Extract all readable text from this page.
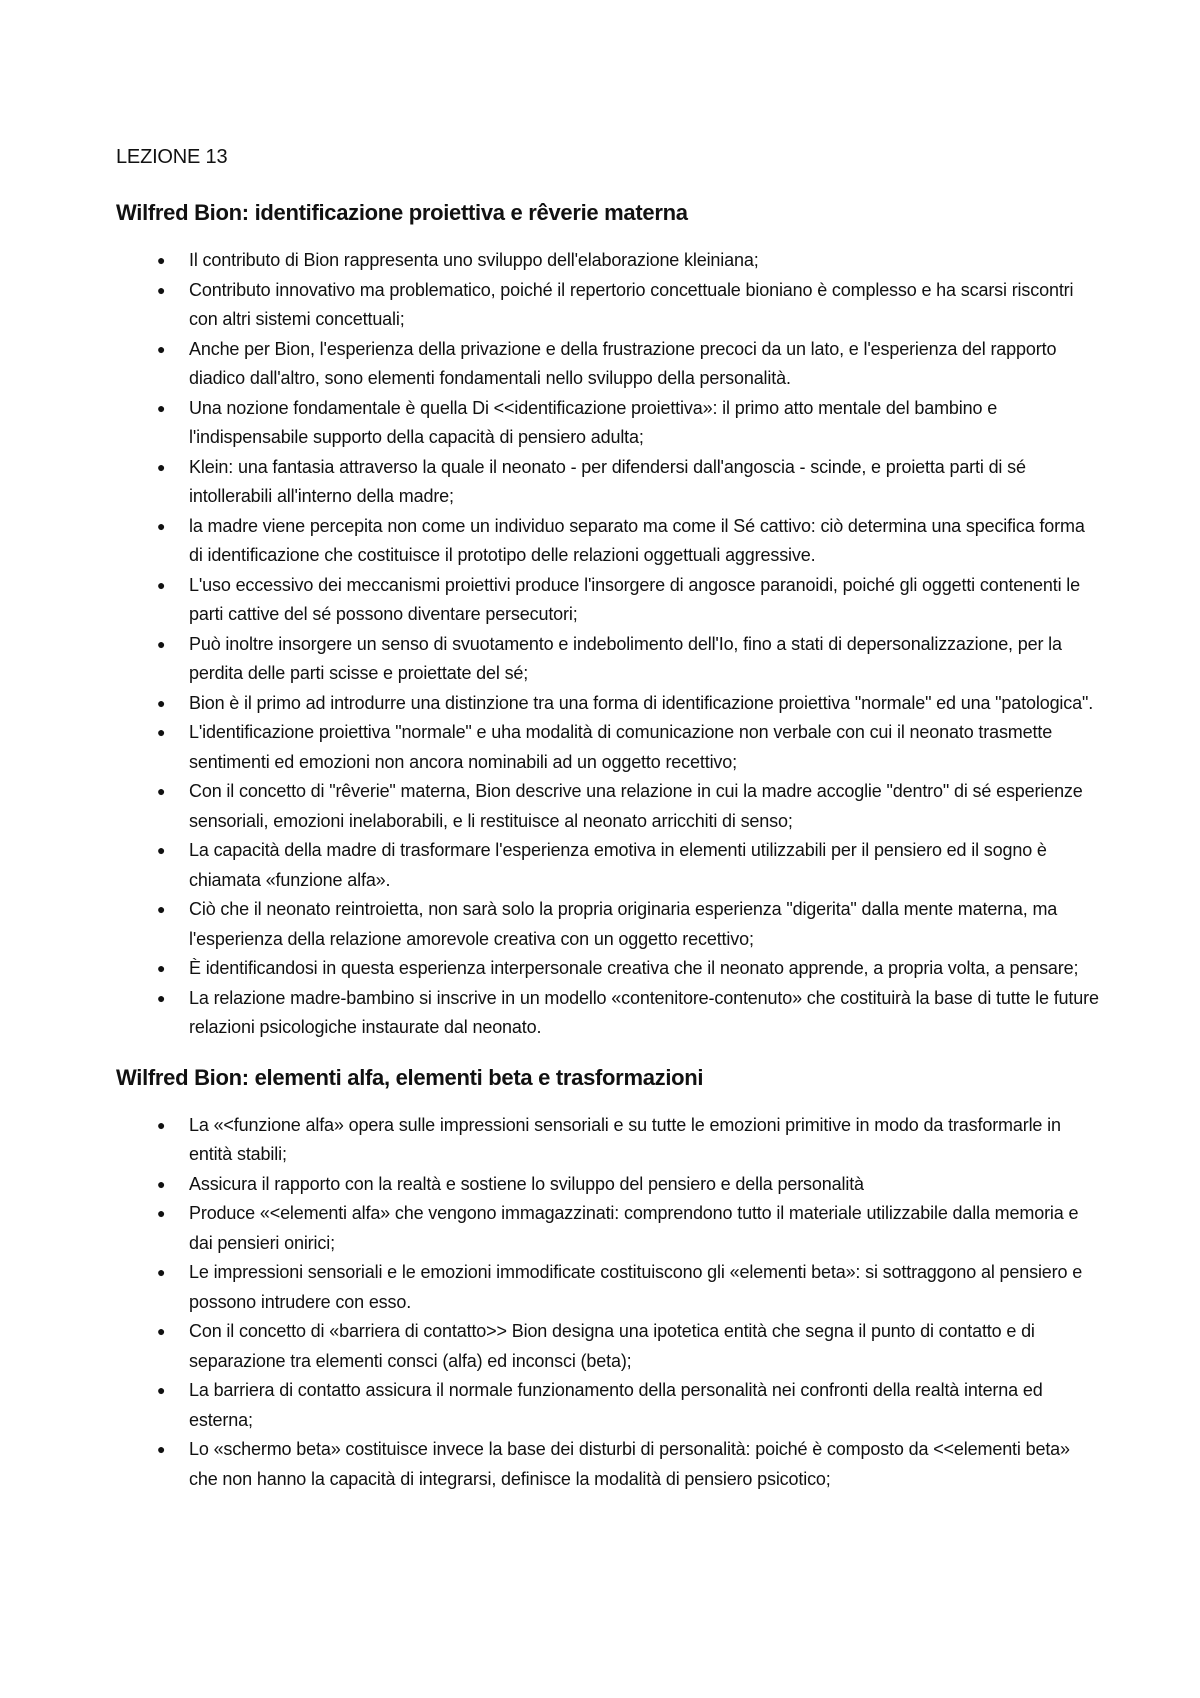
LEZIONE 13
Wilfred Bion: identificazione proiettiva e rêverie materna
● Il contributo di Bion rappresenta uno sviluppo dell'elaborazione kleiniana;
● Contributo innovativo ma problematico, poiché il repertorio concettuale bioniano è complesso e ha scarsi riscontri con altri sistemi concettuali;
● Anche per Bion, l'esperienza della privazione e della frustrazione precoci da un lato, e l'esperienza del rapporto diadico dall'altro, sono elementi fondamentali nello sviluppo della personalità.
● Una nozione fondamentale è quella Di <<identificazione proiettiva»: il primo atto mentale del bambino e l'indispensabile supporto della capacità di pensiero adulta;
● Klein: una fantasia attraverso la quale il neonato - per difendersi dall'angoscia - scinde, e proietta parti di sé intollerabili all'interno della madre;
● la madre viene percepita non come un individuo separato ma come il Sé cattivo: ciò determina una specifica forma di identificazione che costituisce il prototipo delle relazioni oggettuali aggressive.
● L'uso eccessivo dei meccanismi proiettivi produce l'insorgere di angosce paranoidi, poiché gli oggetti contenenti le parti cattive del sé possono diventare persecutori;
● Può inoltre insorgere un senso di svuotamento e indebolimento dell'Io, fino a stati di depersonalizzazione, per la perdita delle parti scisse e proiettate del sé;
● Bion è il primo ad introdurre una distinzione tra una forma di identificazione proiettiva "normale" ed una "patologica".
● L'identificazione proiettiva "normale" e uha modalità di comunicazione non verbale con cui il neonato trasmette sentimenti ed emozioni non ancora nominabili ad un oggetto recettivo;
● Con il concetto di "rêverie" materna, Bion descrive una relazione in cui la madre accoglie "dentro" di sé esperienze sensoriali, emozioni inelaborabili, e li restituisce al neonato arricchiti di senso;
● La capacità della madre di trasformare l'esperienza emotiva in elementi utilizzabili per il pensiero ed il sogno è chiamata «funzione alfa».
● Ciò che il neonato reintroietta, non sarà solo la propria originaria esperienza "digerita" dalla mente materna, ma l'esperienza della relazione amorevole creativa con un oggetto recettivo;
● È identificandosi in questa esperienza interpersonale creativa che il neonato apprende, a propria volta, a pensare;
● La relazione madre-bambino si inscrive in un modello «contenitore-contenuto» che costituirà la base di tutte le future relazioni psicologiche instaurate dal neonato.
Wilfred Bion: elementi alfa, elementi beta e trasformazioni
● La «<funzione alfa» opera sulle impressioni sensoriali e su tutte le emozioni primitive in modo da trasformarle in entità stabili;
● Assicura il rapporto con la realtà e sostiene lo sviluppo del pensiero e della personalità
● Produce «<elementi alfa» che vengono immagazzinati: comprendono tutto il materiale utilizzabile dalla memoria e dai pensieri onirici;
● Le impressioni sensoriali e le emozioni immodificate costituiscono gli «elementi beta»: si sottraggono al pensiero e possono intrudere con esso.
● Con il concetto di «barriera di contatto>> Bion designa una ipotetica entità che segna il punto di contatto e di separazione tra elementi consci (alfa) ed inconsci (beta);
● La barriera di contatto assicura il normale funzionamento della personalità nei confronti della realtà interna ed esterna;
● Lo «schermo beta» costituisce invece la base dei disturbi di personalità: poiché è composto da <<elementi beta» che non hanno la capacità di integrarsi, definisce la modalità di pensiero psicotico;
